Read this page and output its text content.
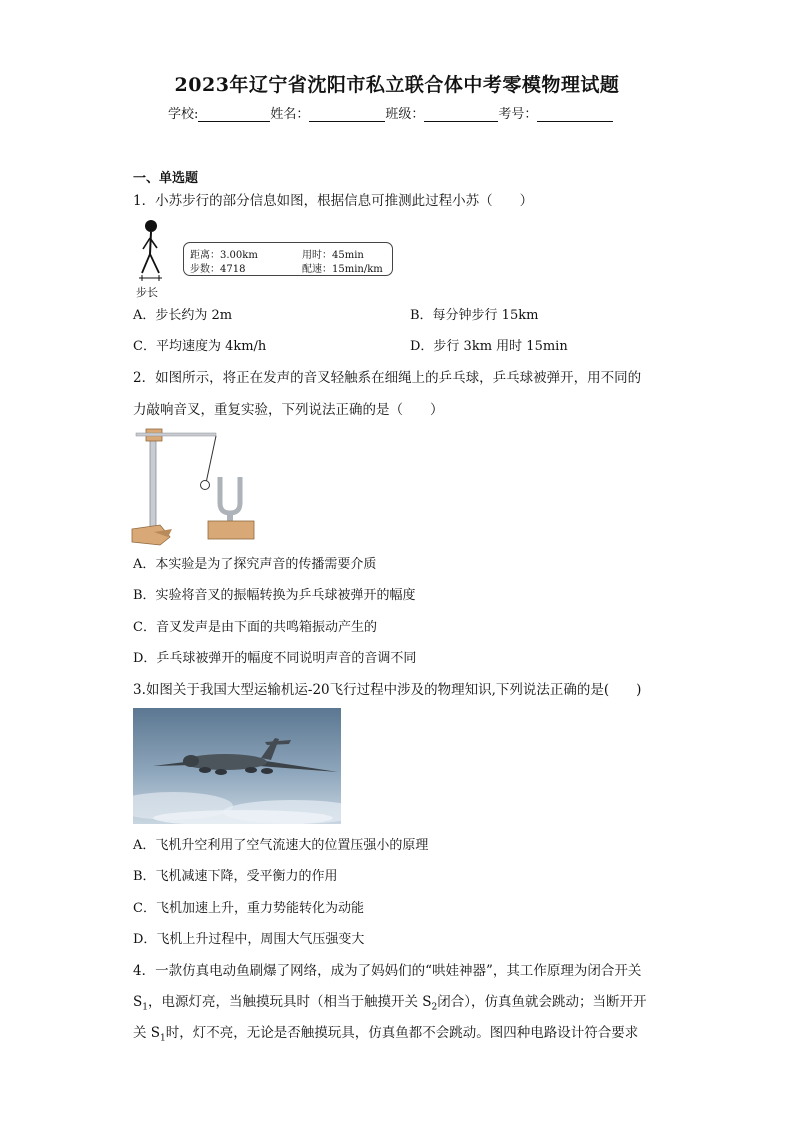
2023年辽宁省沈阳市私立联合体中考零模物理试题
学校:	姓名：	班级：	考号：
一、单选题
1．小苏步行的部分信息如图，根据信息可推测此过程小苏（　　）
步长
距离：3.00km	用时：45min
步数：4718	配速：15min/km
A．步长约为 2m	B．每分钟步行 15km
C．平均速度为 4km/h	D．步行 3km 用时 15min
2．如图所示，将正在发声的音叉轻触系在细绳上的乒乓球，乒乓球被弹开，用不同的
力敲响音叉，重复实验，下列说法正确的是（　　）
A．本实验是为了探究声音的传播需要介质
B．实验将音叉的振幅转换为乒乓球被弹开的幅度
C．音叉发声是由下面的共鸣箱振动产生的
D．乒乓球被弹开的幅度不同说明声音的音调不同
3.如图关于我国大型运输机运-20飞行过程中涉及的物理知识,下列说法正确的是(　　)
A．飞机升空利用了空气流速大的位置压强小的原理
B．飞机减速下降，受平衡力的作用
C．飞机加速上升，重力势能转化为动能
D．飞机上升过程中，周围大气压强变大
4．一款仿真电动鱼刷爆了网络，成为了妈妈们的“哄娃神器”，其工作原理为闭合开关
$S_1$，电源灯亮，当触摸玩具时（相当于触摸开关 $S_2$闭合），仿真鱼就会跳动；当断开开
关 $S_1$时，灯不亮，无论是否触摸玩具，仿真鱼都不会跳动。图四种电路设计符合要求
